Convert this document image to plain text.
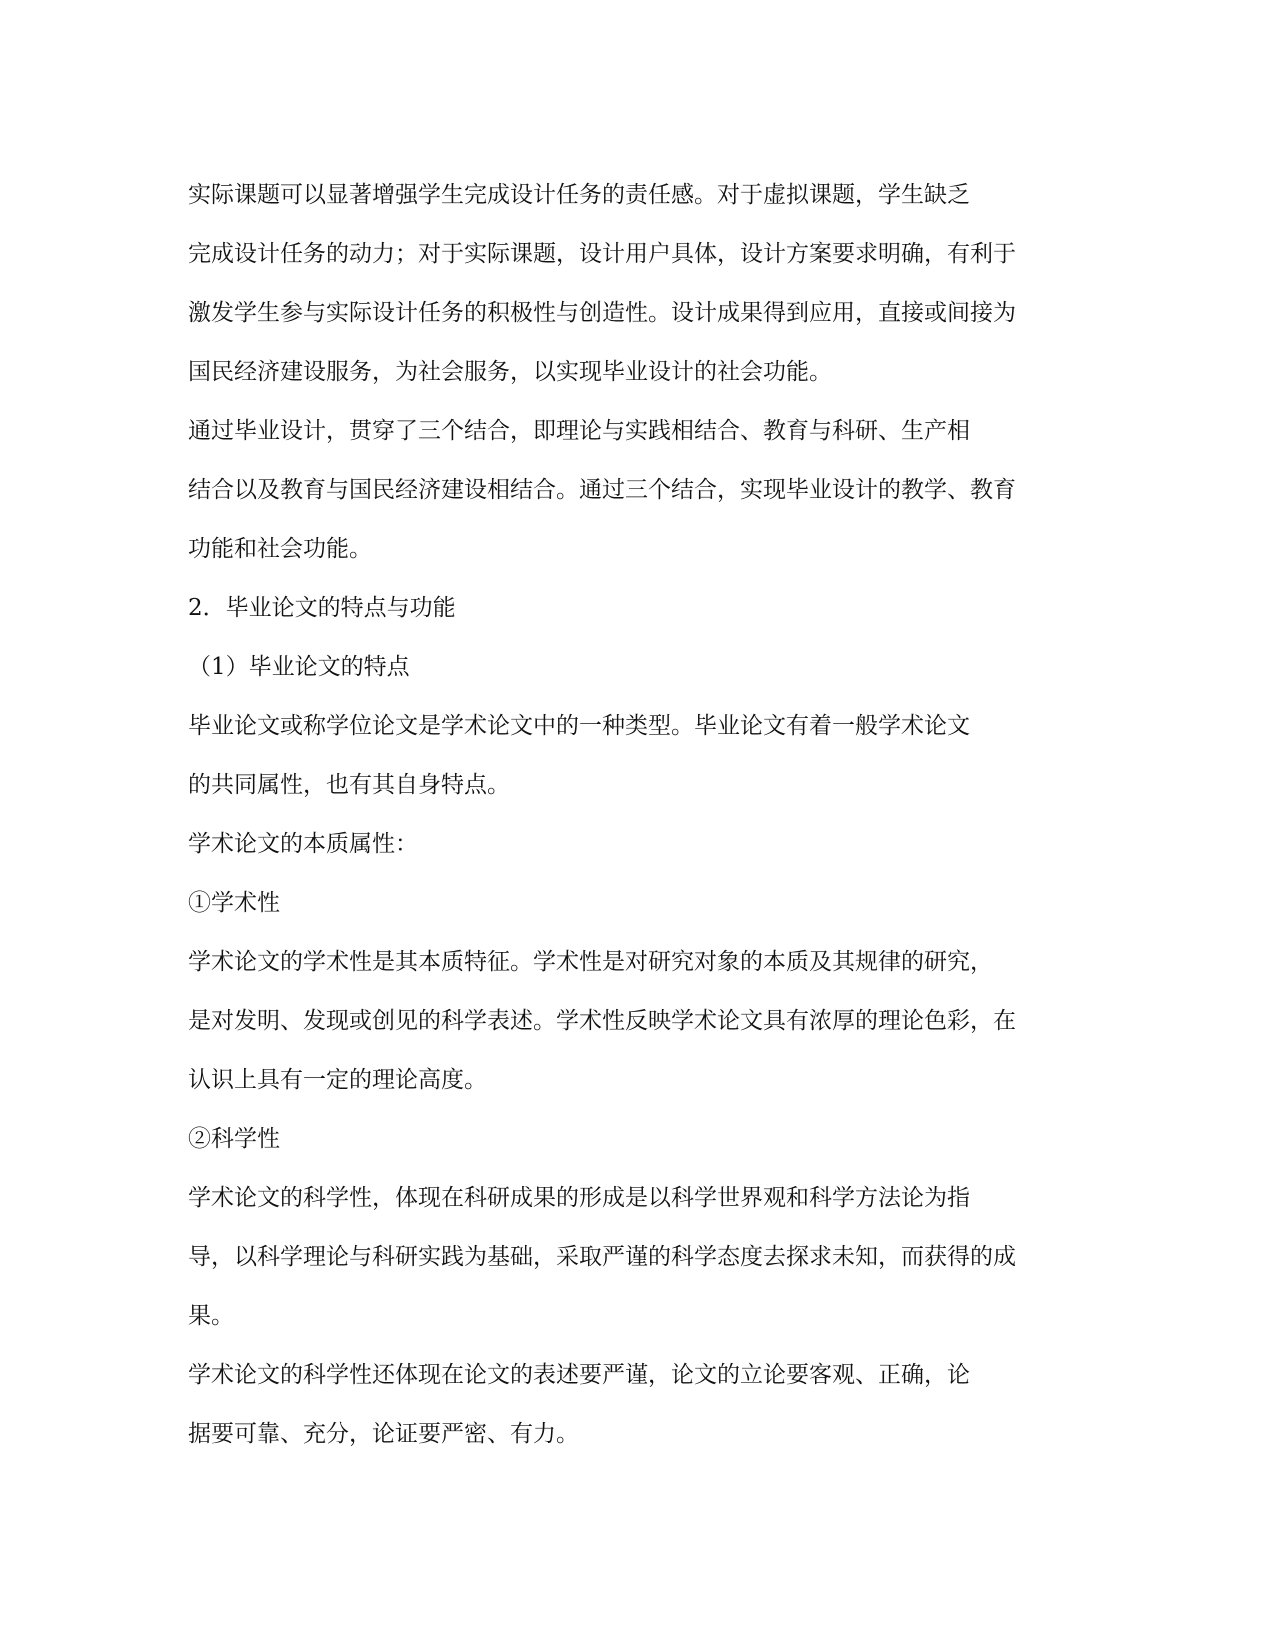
实际课题可以显著增强学生完成设计任务的责任感。对于虚拟课题，学生缺乏
完成设计任务的动力；对于实际课题，设计用户具体，设计方案要求明确，有利于
激发学生参与实际设计任务的积极性与创造性。设计成果得到应用，直接或间接为
国民经济建设服务，为社会服务，以实现毕业设计的社会功能。
通过毕业设计，贯穿了三个结合，即理论与实践相结合、教育与科研、生产相
结合以及教育与国民经济建设相结合。通过三个结合，实现毕业设计的教学、教育
功能和社会功能。
2．毕业论文的特点与功能
（1）毕业论文的特点
毕业论文或称学位论文是学术论文中的一种类型。毕业论文有着一般学术论文
的共同属性，也有其自身特点。
学术论文的本质属性：
①学术性
学术论文的学术性是其本质特征。学术性是对研究对象的本质及其规律的研究，
是对发明、发现或创见的科学表述。学术性反映学术论文具有浓厚的理论色彩，在
认识上具有一定的理论高度。
②科学性
学术论文的科学性，体现在科研成果的形成是以科学世界观和科学方法论为指
导，以科学理论与科研实践为基础，采取严谨的科学态度去探求未知，而获得的成
果。
学术论文的科学性还体现在论文的表述要严谨，论文的立论要客观、正确，论
据要可靠、充分，论证要严密、有力。
